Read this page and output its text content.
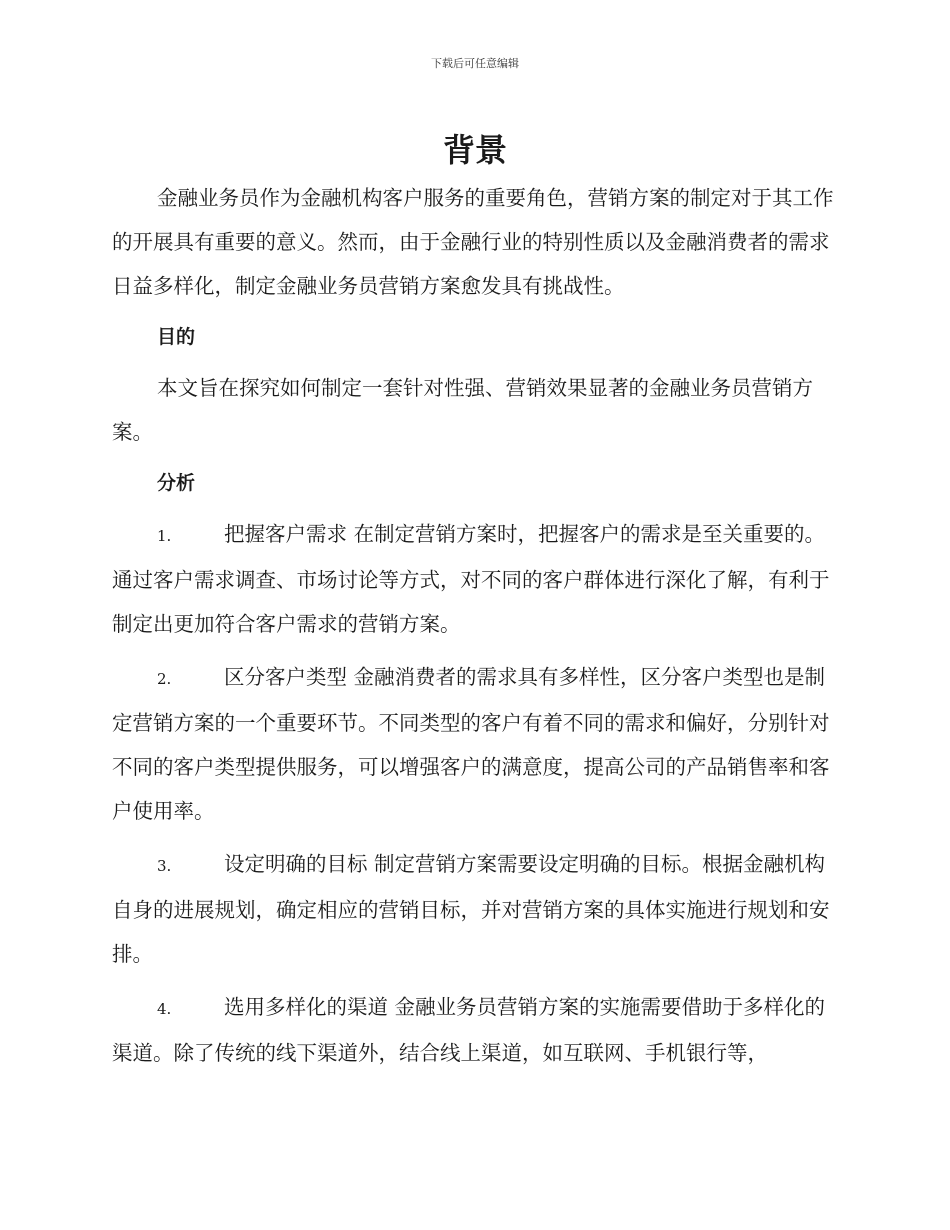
下载后可任意编辑
背景

金融业务员作为金融机构客户服务的重要角色，营销方案的制定对于其工作的开展具有重要的意义。然而，由于金融行业的特别性质以及金融消费者的需求日益多样化，制定金融业务员营销方案愈发具有挑战性。

目的

本文旨在探究如何制定一套针对性强、营销效果显著的金融业务员营销方案。

分析

1.	把握客户需求 在制定营销方案时，把握客户的需求是至关重要的。通过客户需求调查、市场讨论等方式，对不同的客户群体进行深化了解，有利于制定出更加符合客户需求的营销方案。

2.	区分客户类型 金融消费者的需求具有多样性，区分客户类型也是制定营销方案的一个重要环节。不同类型的客户有着不同的需求和偏好，分别针对不同的客户类型提供服务，可以增强客户的满意度，提高公司的产品销售率和客户使用率。

3.	设定明确的目标 制定营销方案需要设定明确的目标。根据金融机构自身的进展规划，确定相应的营销目标，并对营销方案的具体实施进行规划和安排。

4.	选用多样化的渠道 金融业务员营销方案的实施需要借助于多样化的渠道。除了传统的线下渠道外，结合线上渠道，如互联网、手机银行等，
